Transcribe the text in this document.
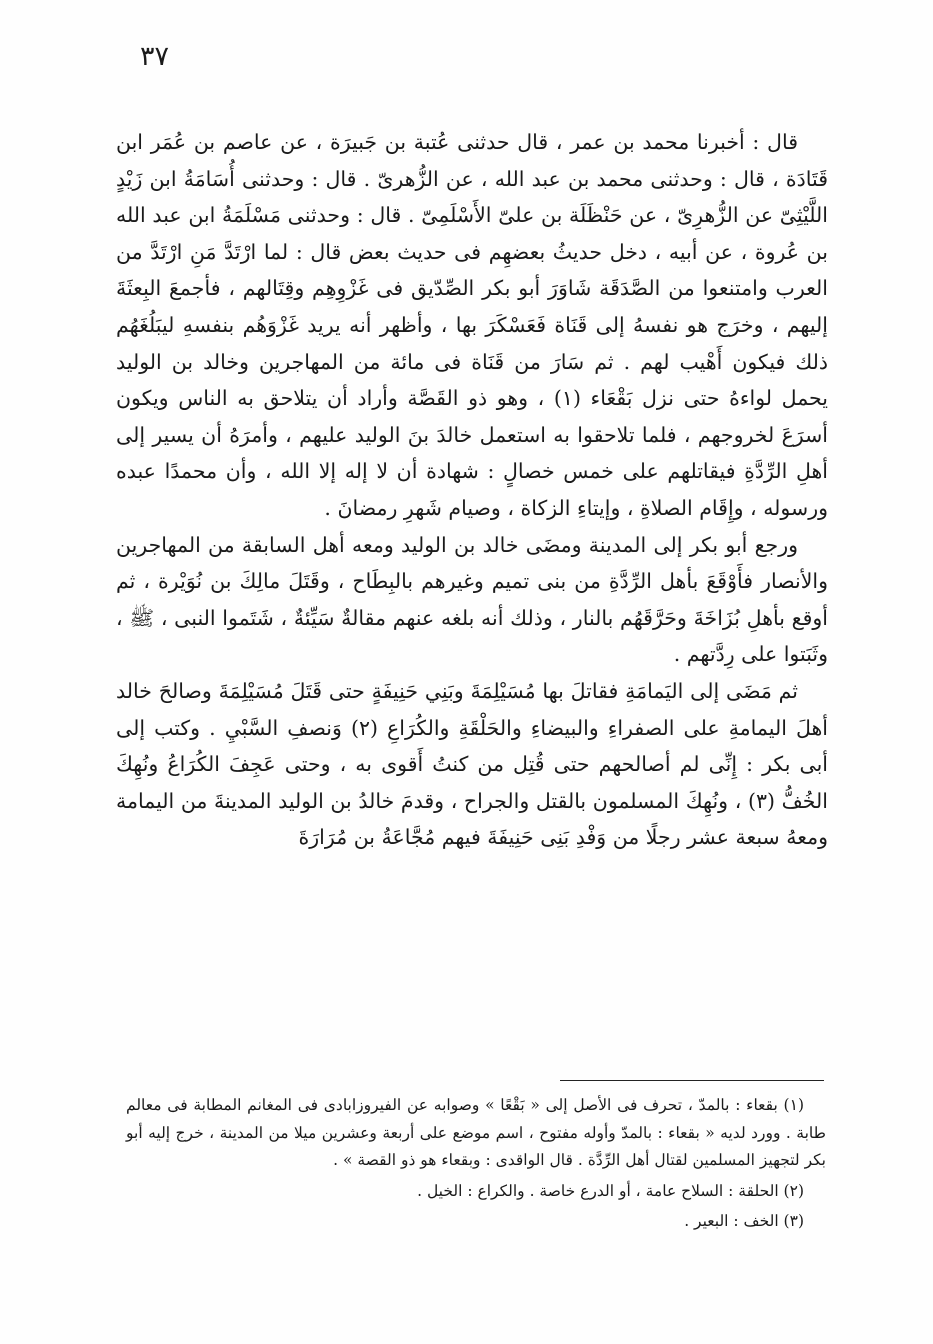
٣٧

قال : أخبرنا محمد بن عمر ، قال حدثنى عُتبة بن جَبيرَة ، عن عاصم بن عُمَر ابن قَتَادَة ، قال : وحدثنى محمد بن عبد الله ، عن الزُّهرىّ . قال : وحدثنى أُسَامَةُ ابن زَيْدٍ اللَّيْثِىّ عن الزُّهرِىّ ، عن حَنْظَلَة بن علىّ الأَسْلَمِىّ . قال : وحدثنى مَسْلَمَةُ ابن عبد الله بن عُروة ، عن أبيه ، دخل حديثُ بعضهِم فى حديث بعض قال : لما ارْتَدَّ مَنِ ارْتَدَّ من العرب وامتنعوا من الصَّدَقَة شَاوَرَ أبو بكر الصِّدّيق فى غَزْوِهِم وقِتَالهم ، فأجمعَ البِعثَةَ إليهم ، وخرَج هو نفسهُ إلى قَنَاة فَعَسْكَرَ بها ، وأظهر أنه يريد غَزْوَهُم بنفسهِ ليبَلُغَهُم ذلك فيكون أَهْيب لهم . ثم سَارَ من قَنَاة فى مائة من المهاجرين وخالد بن الوليد يحمل لواءهُ حتى نزل بَقْعَاء (١) ، وهو ذو القَصَّة وأراد أن يتلاحق به الناس ويكون أسرَعَ لخروجهم ، فلما تلاحقوا به استعمل خالدَ بنَ الوليد عليهم ، وأمرَهُ أن يسير إلى أهلِ الرِّدَّةِ فيقاتلهم على خمس خصالٍ : شهادة أن لا إله إلا الله ، وأن محمدًا عبده ورسوله ، وإِقَام الصلاةِ ، وإيتاءِ الزكاة ، وصيام شَهرِ رمضانَ .

ورجع أبو بكر إلى المدينة ومضَى خالد بن الوليد ومعه أهل السابقة من المهاجرين والأنصار فأَوْقَعَ بأهل الرِّدَّةِ من بنى تميم وغيرهم بالبِطَاح ، وقَتَلَ مالِكَ بن نُوَيْرة ، ثم أوقع بأهلِ بُزَاخَةَ وحَرَّقَهُم بالنار ، وذلك أنه بلغه عنهم مقالةٌ سَيِّئةٌ ، شَتَموا النبى ، ﷺ ، وثَبَتوا على رِدَّتهم .

ثم مَضَى إلى اليَمامَةِ فقاتلَ بها مُسَيْلِمَةَ وبَنِي حَنِيفَةٍ حتى قَتَلَ مُسَيْلِمَةَ وصالحَ خالد أهلَ اليمامةِ على الصفراءِ والبيضاءِ والحَلْقَةِ والكُرَاعِ (٢) وَنصفِ السَّبْيِ . وكتب إلى أبى بكر : إِنِّى لم أصالحهم حتى قُتِل من كنتُ أَقوى به ، وحتى عَجِفَ الكُرَاعُ ونُهِكَ الخُفُّ (٣) ، ونُهِكَ المسلمون بالقتل والجراح ، وقدمَ خالدُ بن الوليد المدينةَ من اليمامة ومعهُ سبعة عشر رجلًا من وَفْدِ بَنِى حَنِيفَةَ فيهم مُجَّاعَةُ بن مُرَارَةَ

(١) بقعاء : بالمدّ ، تحرف فى الأصل إلى « بَقْعًا » وصوابه عن الفيروزابادى فى المغانم المطابة فى معالم طابة . وورد لديه « بقعاء : بالمدّ وأوله مفتوح ، اسم موضع على أربعة وعشرين ميلا من المدينة ، خرج إليه أبو بكر لتجهيز المسلمين لقتال أهل الرِّدَّة . قال الواقدى : وبقعاء هو ذو القصة » .

(٢) الحلقة : السلاح عامة ، أو الدرع خاصة . والكراع : الخيل .

(٣) الخف : البعير .
